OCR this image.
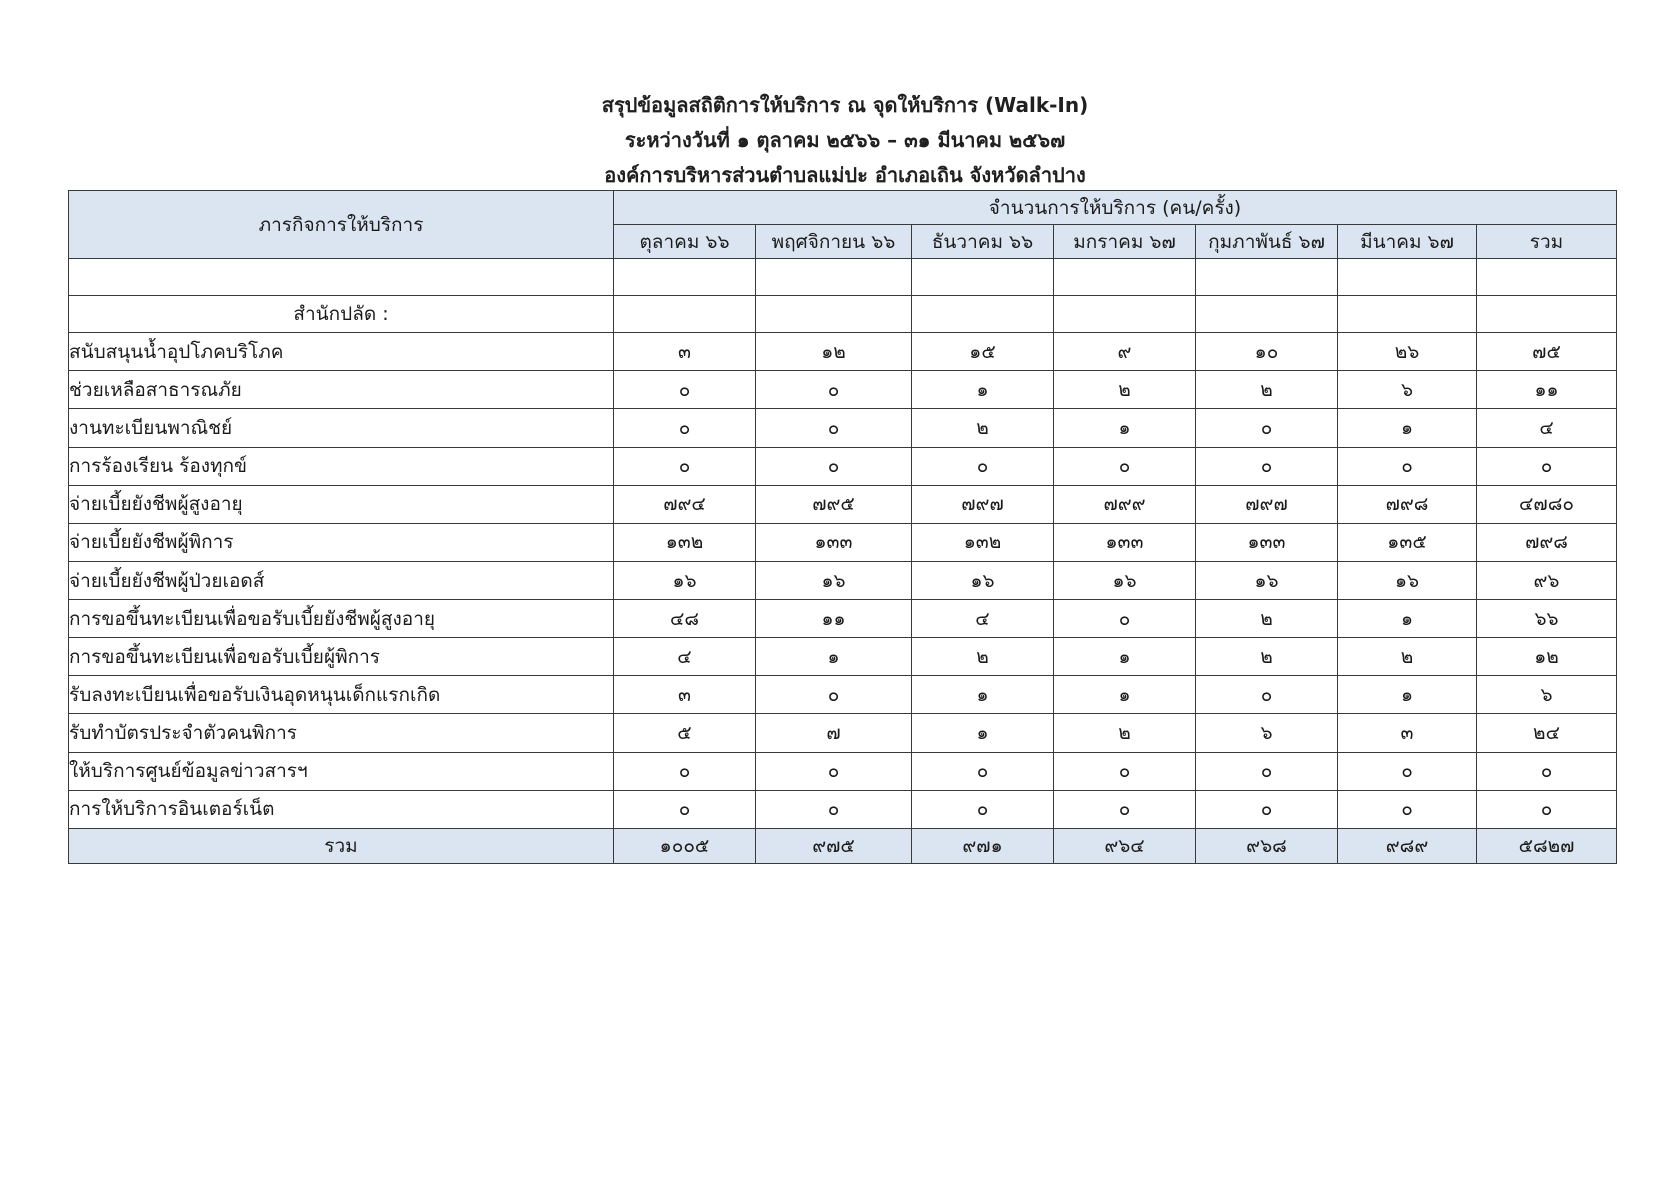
สรุปข้อมูลสถิติการให้บริการ ณ จุดให้บริการ (Walk-In)
ระหว่างวันที่ ๑ ตุลาคม ๒๕๖๖ – ๓๑ มีนาคม ๒๕๖๗
องค์การบริหารส่วนตำบลแม่ปะ อำเภอเถิน จังหวัดลำปาง
ภารกิจการให้บริการ	จำนวนการให้บริการ (คน/ครั้ง)						
	ตุลาคม ๖๖	พฤศจิกายน ๖๖	ธันวาคม ๖๖	มกราคม ๖๗	กุมภาพันธ์ ๖๗	มีนาคม ๖๗	รวม

สำนักปลัด :							
สนับสนุนน้ำอุปโภคบริโภค	๓	๑๒	๑๕	๙	๑๐	๒๖	๗๕
ช่วยเหลือสาธารณภัย	๐	๐	๑	๒	๒	๖	๑๑
งานทะเบียนพาณิชย์	๐	๐	๒	๑	๐	๑	๔
การร้องเรียน ร้องทุกข์	๐	๐	๐	๐	๐	๐	๐
จ่ายเบี้ยยังชีพผู้สูงอายุ	๗๙๔	๗๙๕	๗๙๗	๗๙๙	๗๙๗	๗๙๘	๔๗๘๐
จ่ายเบี้ยยังชีพผู้พิการ	๑๓๒	๑๓๓	๑๓๒	๑๓๓	๑๓๓	๑๓๕	๗๙๘
จ่ายเบี้ยยังชีพผู้ป่วยเอดส์	๑๖	๑๖	๑๖	๑๖	๑๖	๑๖	๙๖
การขอขึ้นทะเบียนเพื่อขอรับเบี้ยยังชีพผู้สูงอายุ	๔๘	๑๑	๔	๐	๒	๑	๖๖
การขอขึ้นทะเบียนเพื่อขอรับเบี้ยผู้พิการ	๔	๑	๒	๑	๒	๒	๑๒
รับลงทะเบียนเพื่อขอรับเงินอุดหนุนเด็กแรกเกิด	๓	๐	๑	๑	๐	๑	๖
รับทำบัตรประจำตัวคนพิการ	๕	๗	๑	๒	๖	๓	๒๔
ให้บริการศูนย์ข้อมูลข่าวสารฯ	๐	๐	๐	๐	๐	๐	๐
การให้บริการอินเตอร์เน็ต	๐	๐	๐	๐	๐	๐	๐
รวม	๑๐๐๕	๙๗๕	๙๗๑	๙๖๔	๙๖๘	๙๘๙	๕๘๒๗
